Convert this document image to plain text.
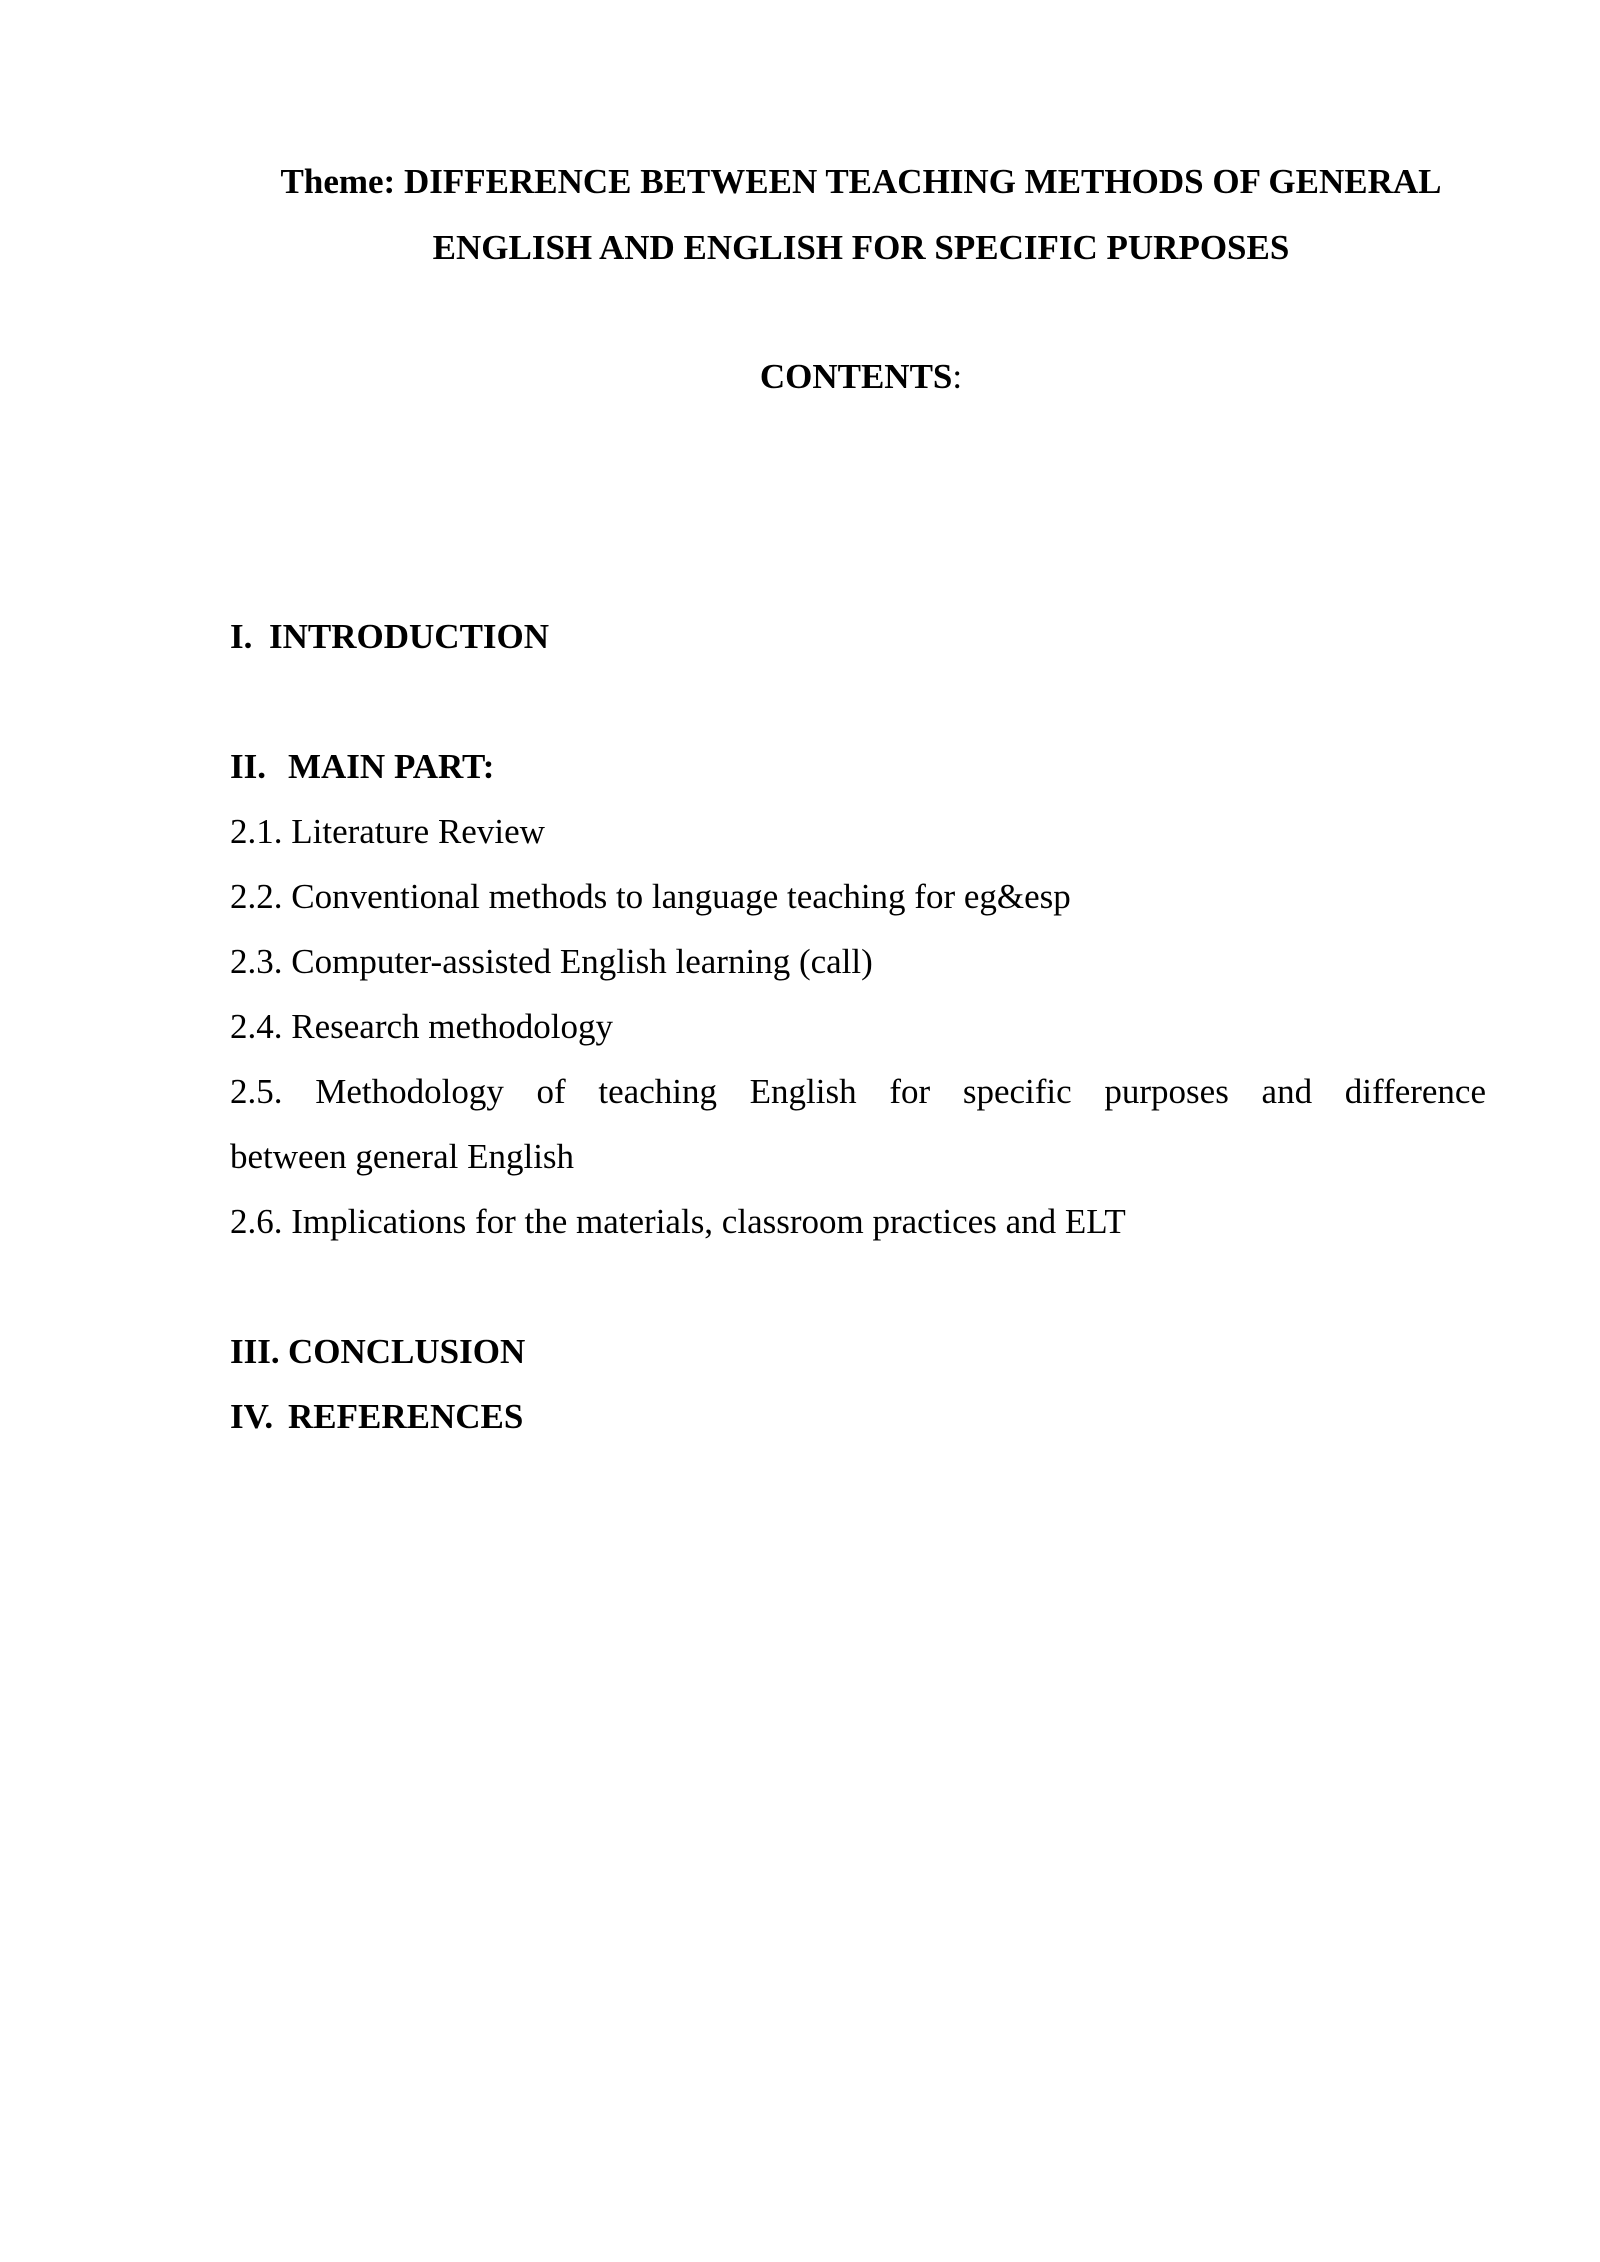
Theme: DIFFERENCE BETWEEN TEACHING METHODS OF GENERAL
ENGLISH AND ENGLISH FOR SPECIFIC PURPOSES
CONTENTS:
I. INTRODUCTION
II. MAIN PART:
2.1. Literature Review
2.2. Conventional methods to language teaching for eg&esp
2.3. Computer-assisted English learning (call)
2.4. Research methodology
2.5. Methodology of teaching English for specific purposes and difference
between general English
2.6. Implications for the materials, classroom practices and ELT
III. CONCLUSION
IV. REFERENCES
